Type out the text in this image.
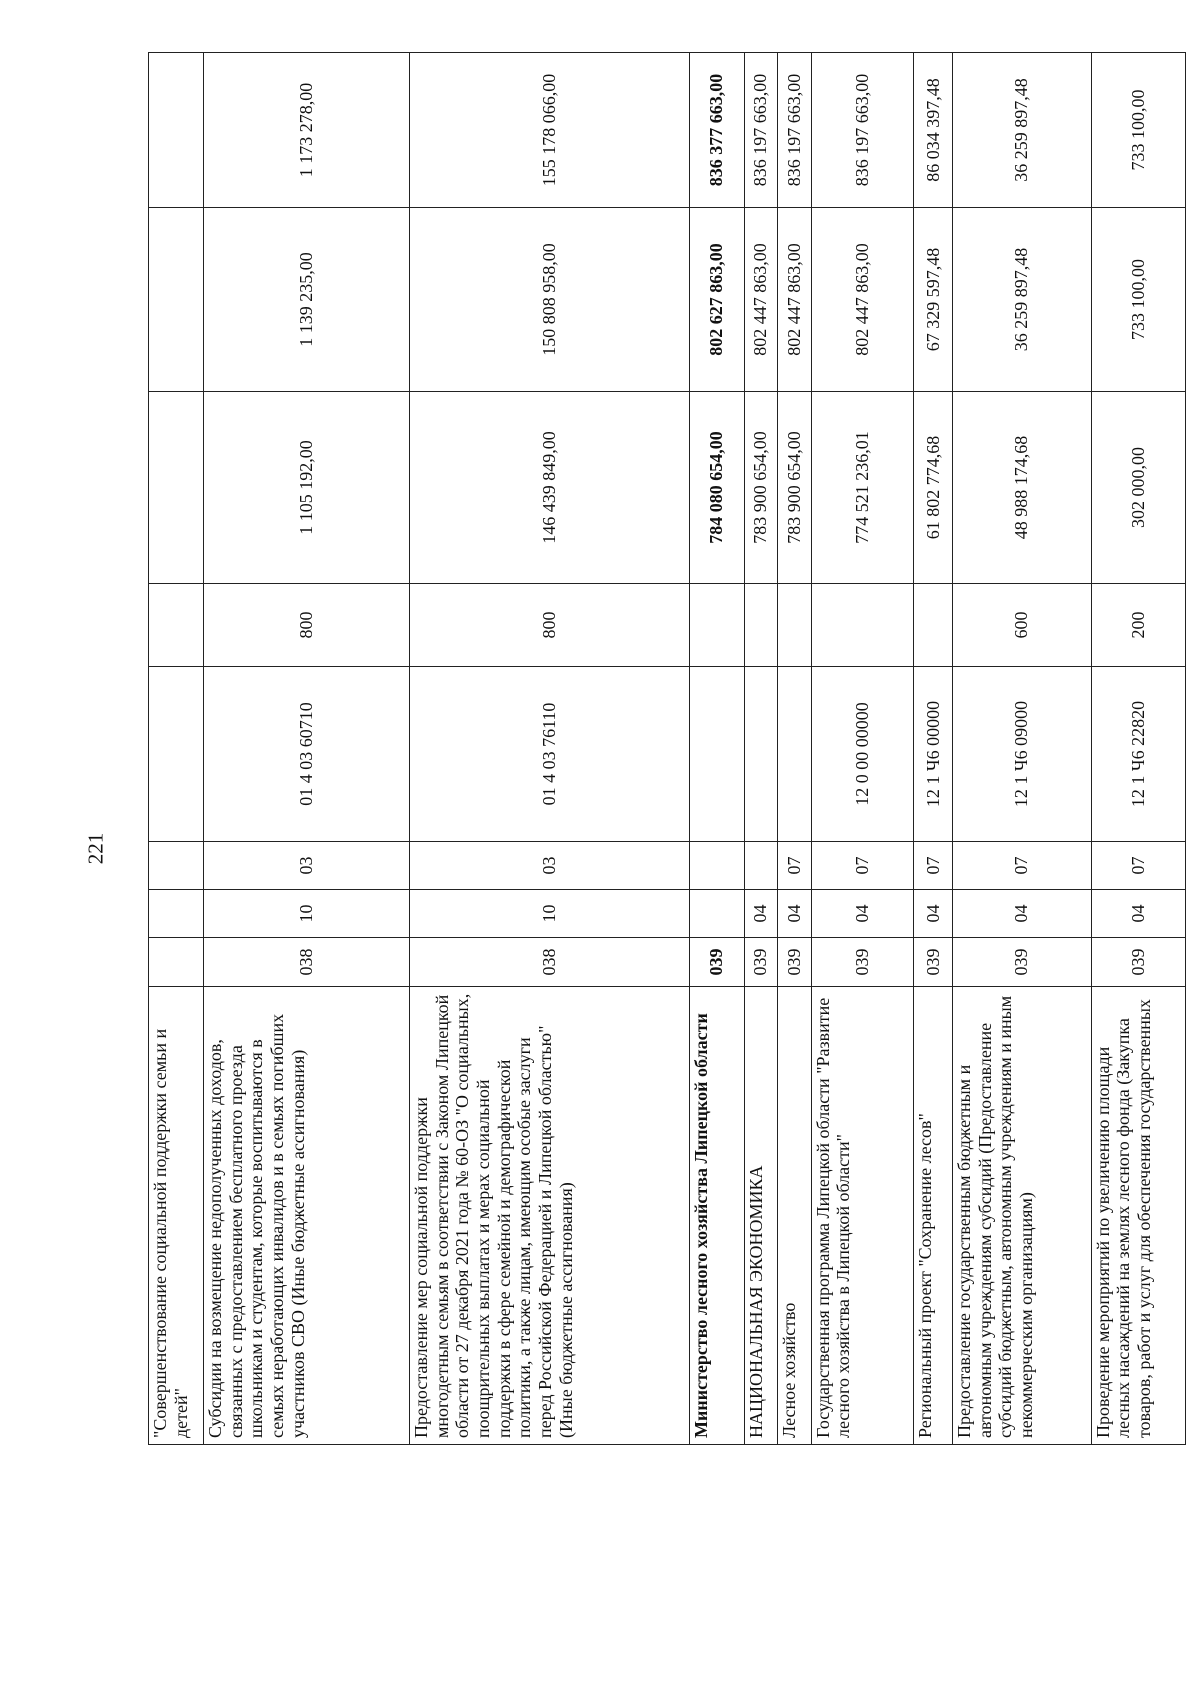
221
"Совершенствование социальной поддержки семьи и детей"								
Субсидии на возмещение недополученных доходов, связанных с предоставлением бесплатного проезда школьникам и студентам, которые воспитываются в семьях неработающих инвалидов и в семьях погибших участников СВО (Иные бюджетные ассигнования)	038	10	03	01 4 03 60710	800	1 105 192,00	1 139 235,00	1 173 278,00
Предоставление мер социальной поддержки многодетным семьям в соответствии с Законом Липецкой области от 27 декабря 2021 года № 60-ОЗ "О социальных, поощрительных выплатах и мерах социальной поддержки в сфере семейной и демографической политики, а также лицам, имеющим особые заслуги перед Российской Федерацией и Липецкой областью" (Иные бюджетные ассигнования)	038	10	03	01 4 03 76110	800	146 439 849,00	150 808 958,00	155 178 066,00
Министерство лесного хозяйства Липецкой области	039					784 080 654,00	802 627 863,00	836 377 663,00
НАЦИОНАЛЬНАЯ ЭКОНОМИКА	039	04				783 900 654,00	802 447 863,00	836 197 663,00
Лесное хозяйство	039	04	07			783 900 654,00	802 447 863,00	836 197 663,00
Государственная программа Липецкой области "Развитие лесного хозяйства в Липецкой области"	039	04	07	12 0 00 00000		774 521 236,01	802 447 863,00	836 197 663,00
Региональный проект "Сохранение лесов"	039	04	07	12 1 Ч6 00000		61 802 774,68	67 329 597,48	86 034 397,48
Предоставление государственным бюджетным и автономным учреждениям субсидий (Предоставление субсидий бюджетным, автономным учреждениям и иным некоммерческим организациям)	039	04	07	12 1 Ч6 09000	600	48 988 174,68	36 259 897,48	36 259 897,48
Проведение мероприятий по увеличению площади лесных насаждений на землях лесного фонда (Закупка товаров, работ и услуг для обеспечения государственных	039	04	07	12 1 Ч6 22820	200	302 000,00	733 100,00	733 100,00
